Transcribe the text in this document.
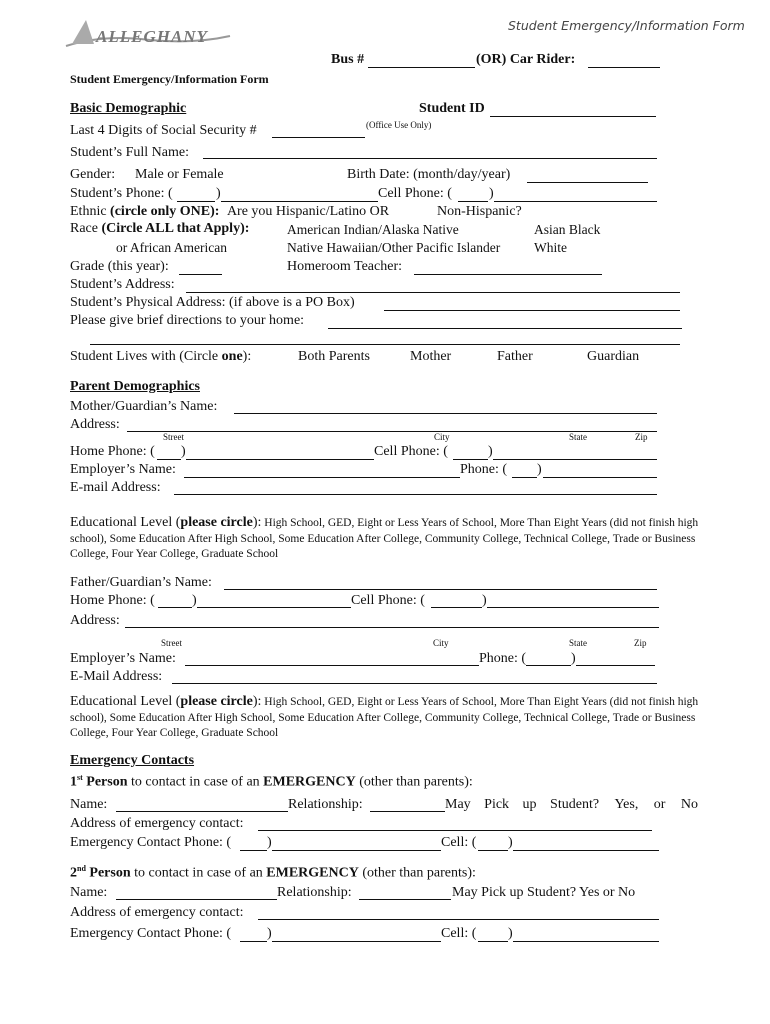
ALLEGHANY
Student Emergency/Information Form
Bus #	(OR) Car Rider:
Student Emergency/Information Form
Basic Demographic	Student ID
Last 4 Digits of Social Security #	(Office Use Only)
Student’s Full Name:
Gender: Male or Female	Birth Date: (month/day/year)
Student’s Phone: (	)	Cell Phone: (	)
Ethnic (circle only ONE): Are you Hispanic/Latino OR	Non-Hispanic?
Race (Circle ALL that Apply):	American Indian/Alaska Native	Asian Black
or African American	Native Hawaiian/Other Pacific Islander White
Grade (this year):	Homeroom Teacher:
Student’s Address:
Student’s Physical Address: (if above is a PO Box)
Please give brief directions to your home:
Student Lives with (Circle one):	Both Parents	Mother	Father	Guardian
Parent Demographics
Mother/Guardian’s Name:
Address:
Street	City	State	Zip
Home Phone: ( )	Cell Phone: (	)
Employer’s Name:	Phone: ( )
E-mail Address:
Educational Level (please circle): High School, GED, Eight or Less Years of School, More Than Eight Years (did not finish high school), Some Education After High School, Some Education After College, Community College, Technical College, Trade or Business College, Four Year College, Graduate School
Father/Guardian’s Name:
Home Phone: (	)	Cell Phone: (	)
Address:
Street	City	State	Zip
Employer’s Name:	Phone: (	)
E-Mail Address:
Educational Level (please circle): High School, GED, Eight or Less Years of School, More Than Eight Years (did not finish high school), Some Education After High School, Some Education After College, Community College, Technical College, Trade or Business College, Four Year College, Graduate School
Emergency Contacts
1st Person to contact in case of an EMERGENCY (other than parents):
Name:	Relationship:	May Pick up Student? Yes, or No
Address of emergency contact:
Emergency Contact Phone: (	)	Cell: ( )
2nd Person to contact in case of an EMERGENCY (other than parents):
Name:	Relationship:	May Pick up Student? Yes or No
Address of emergency contact:
Emergency Contact Phone: (	)	Cell: ( )
